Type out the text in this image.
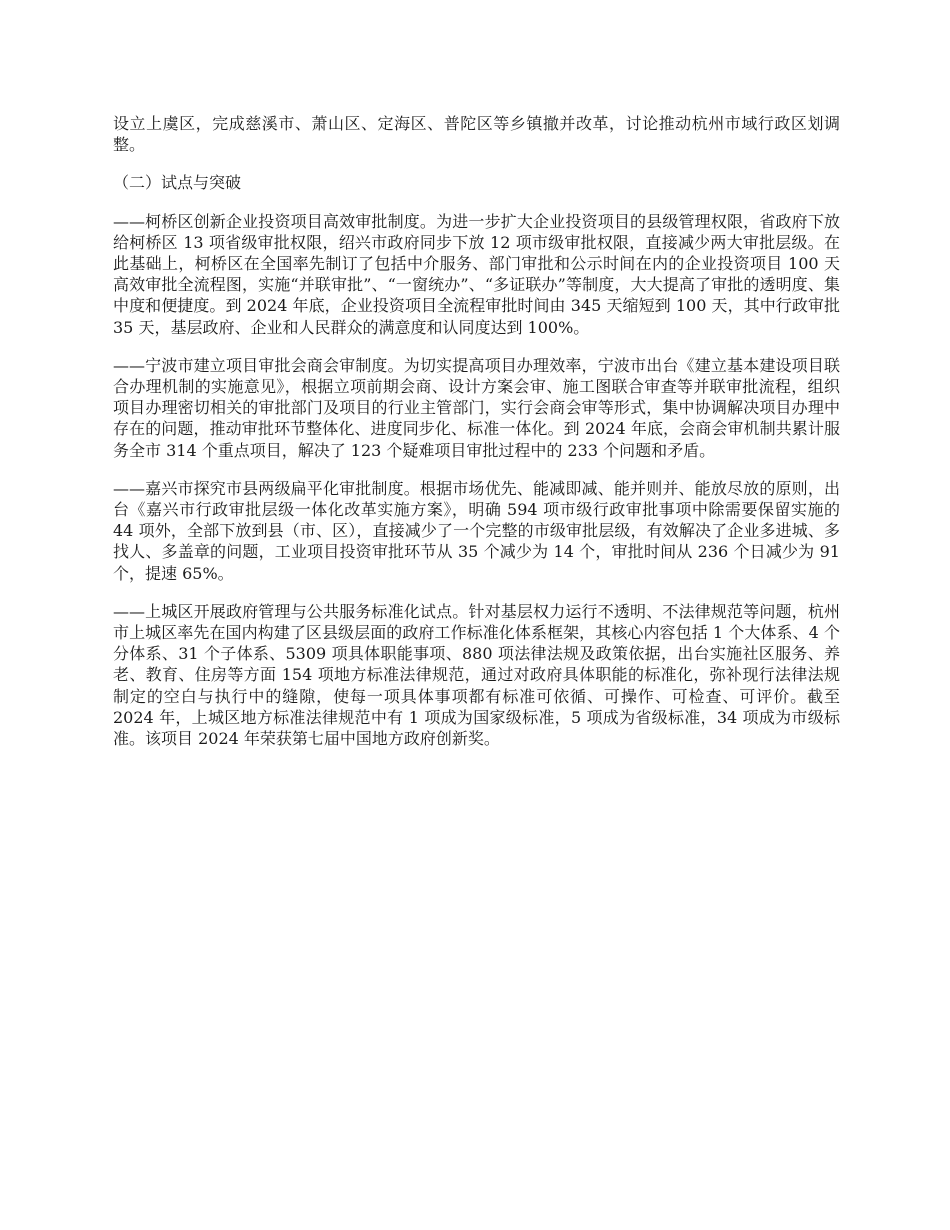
设立上虞区，完成慈溪市、萧山区、定海区、普陀区等乡镇撤并改革，讨论推动杭州市域行政区划调整。

（二）试点与突破

——柯桥区创新企业投资项目高效审批制度。为进一步扩大企业投资项目的县级管理权限，省政府下放给柯桥区 13 项省级审批权限，绍兴市政府同步下放 12 项市级审批权限，直接减少两大审批层级。在此基础上，柯桥区在全国率先制订了包括中介服务、部门审批和公示时间在内的企业投资项目 100 天高效审批全流程图，实施“并联审批”、“一窗统办”、“多证联办”等制度，大大提高了审批的透明度、集中度和便捷度。到 2024 年底，企业投资项目全流程审批时间由 345 天缩短到 100 天，其中行政审批 35 天，基层政府、企业和人民群众的满意度和认同度达到 100%。

——宁波市建立项目审批会商会审制度。为切实提高项目办理效率，宁波市出台《建立基本建设项目联合办理机制的实施意见》，根据立项前期会商、设计方案会审、施工图联合审查等并联审批流程，组织项目办理密切相关的审批部门及项目的行业主管部门，实行会商会审等形式，集中协调解决项目办理中存在的问题，推动审批环节整体化、进度同步化、标准一体化。到 2024 年底，会商会审机制共累计服务全市 314 个重点项目，解决了 123 个疑难项目审批过程中的 233 个问题和矛盾。

——嘉兴市探究市县两级扁平化审批制度。根据市场优先、能减即减、能并则并、能放尽放的原则，出台《嘉兴市行政审批层级一体化改革实施方案》，明确 594 项市级行政审批事项中除需要保留实施的 44 项外，全部下放到县（市、区），直接减少了一个完整的市级审批层级，有效解决了企业多进城、多找人、多盖章的问题，工业项目投资审批环节从 35 个减少为 14 个，审批时间从 236 个日减少为 91 个，提速 65%。

——上城区开展政府管理与公共服务标准化试点。针对基层权力运行不透明、不法律规范等问题，杭州市上城区率先在国内构建了区县级层面的政府工作标准化体系框架，其核心内容包括 1 个大体系、4 个分体系、31 个子体系、5309 项具体职能事项、880 项法律法规及政策依据，出台实施社区服务、养老、教育、住房等方面 154 项地方标准法律规范，通过对政府具体职能的标准化，弥补现行法律法规制定的空白与执行中的缝隙，使每一项具体事项都有标准可依循、可操作、可检查、可评价。截至 2024 年，上城区地方标准法律规范中有 1 项成为国家级标准，5 项成为省级标准，34 项成为市级标准。该项目 2024 年荣获第七届中国地方政府创新奖。
